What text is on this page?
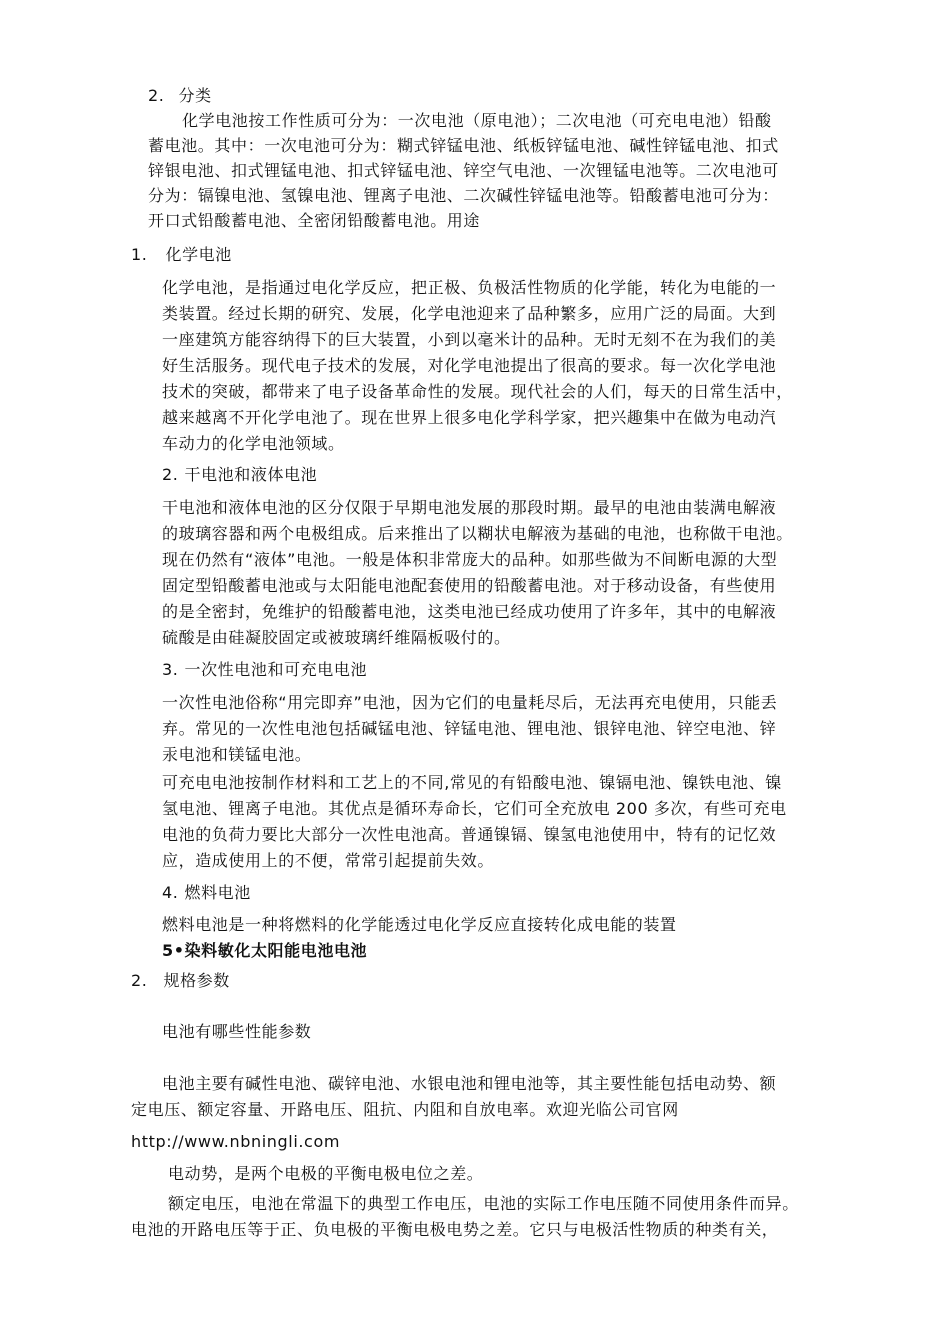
2. 分类
化学电池按工作性质可分为：一次电池（原电池）；二次电池（可充电电池）铅酸
蓄电池。其中：一次电池可分为：糊式锌锰电池、纸板锌锰电池、碱性锌锰电池、扣式
锌银电池、扣式锂锰电池、扣式锌锰电池、锌空气电池、一次锂锰电池等。二次电池可
分为：镉镍电池、氢镍电池、锂离子电池、二次碱性锌锰电池等。铅酸蓄电池可分为：
开口式铅酸蓄电池、全密闭铅酸蓄电池。用途
1. 化学电池
化学电池，是指通过电化学反应，把正极、负极活性物质的化学能，转化为电能的一
类装置。经过长期的研究、发展，化学电池迎来了品种繁多，应用广泛的局面。大到
一座建筑方能容纳得下的巨大装置，小到以毫米计的品种。无时无刻不在为我们的美
好生活服务。现代电子技术的发展，对化学电池提出了很高的要求。每一次化学电池
技术的突破，都带来了电子设备革命性的发展。现代社会的人们，每天的日常生活中，
越来越离不开化学电池了。现在世界上很多电化学科学家，把兴趣集中在做为电动汽
车动力的化学电池领域。
2. 干电池和液体电池
干电池和液体电池的区分仅限于早期电池发展的那段时期。最早的电池由装满电解液
的玻璃容器和两个电极组成。后来推出了以糊状电解液为基础的电池，也称做干电池。
现在仍然有“液体”电池。一般是体积非常庞大的品种。如那些做为不间断电源的大型
固定型铅酸蓄电池或与太阳能电池配套使用的铅酸蓄电池。对于移动设备，有些使用
的是全密封，免维护的铅酸蓄电池，这类电池已经成功使用了许多年，其中的电解液
硫酸是由硅凝胶固定或被玻璃纤维隔板吸付的。
3. 一次性电池和可充电电池
一次性电池俗称“用完即弃”电池，因为它们的电量耗尽后，无法再充电使用，只能丢
弃。常见的一次性电池包括碱锰电池、锌锰电池、锂电池、银锌电池、锌空电池、锌
汞电池和镁锰电池。
可充电电池按制作材料和工艺上的不同,常见的有铅酸电池、镍镉电池、镍铁电池、镍
氢电池、锂离子电池。其优点是循环寿命长，它们可全充放电 200 多次，有些可充电
电池的负荷力要比大部分一次性电池高。普通镍镉、镍氢电池使用中，特有的记忆效
应，造成使用上的不便，常常引起提前失效。
4. 燃料电池
燃料电池是一种将燃料的化学能透过电化学反应直接转化成电能的装置
5•染料敏化太阳能电池电池
2. 规格参数
电池有哪些性能参数
电池主要有碱性电池、碳锌电池、水银电池和锂电池等，其主要性能包括电动势、额
定电压、额定容量、开路电压、阻抗、内阻和自放电率。欢迎光临公司官网
http://www.nbningli.com
电动势，是两个电极的平衡电极电位之差。
额定电压，电池在常温下的典型工作电压，电池的实际工作电压随不同使用条件而异。
电池的开路电压等于正、负电极的平衡电极电势之差。它只与电极活性物质的种类有关，
